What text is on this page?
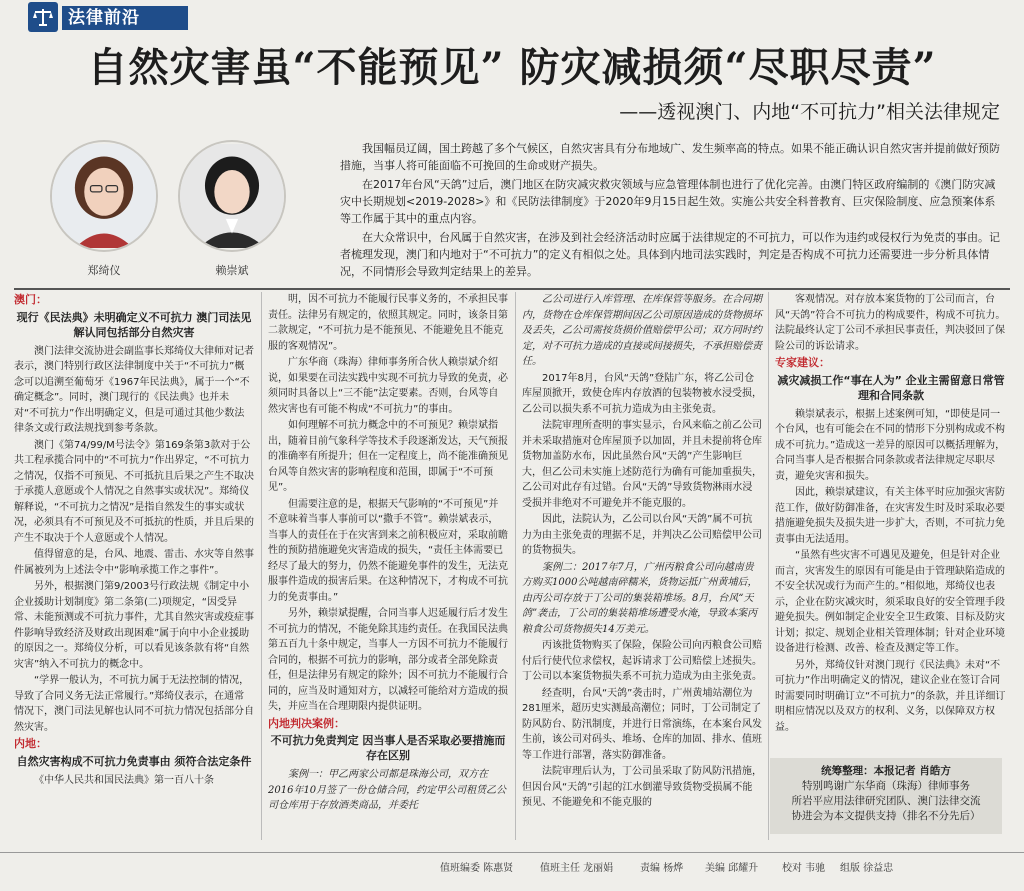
法律前沿
自然灾害虽“不能预见” 防灾减损须“尽职尽责”
——透视澳门、内地“不可抗力”相关法律规定
郑绮仪	赖崇斌

我国幅员辽阔，国土跨越了多个气候区，自然灾害具有分布地域广、发生频率高的特点。如果不能正确认识自然灾害并提前做好预防措施，当事人将可能面临不可挽回的生命或财产损失。

在2017年台风“天鸽”过后，澳门地区在防灾减灾救灾领域与应急管理体制也进行了优化完善。由澳门特区政府编制的《澳门防灾减灾中长期规划<2019-2028>》和《民防法律制度》于2020年9月15日起生效。实施公共安全科普教育、巨灾保险制度、应急预案体系等工作属于其中的重点内容。

在大众常识中，台风属于自然灾害，在涉及到社会经济活动时应属于法律规定的不可抗力，可以作为违约或侵权行为免责的事由。记者梳理发现，澳门和内地对于“不可抗力”的定义有相似之处。具体到内地司法实践时，判定是否构成不可抗力还需要进一步分析具体情况，不同情形会导致判定结果上的差异。

澳门：
现行《民法典》未明确定义不可抗力 澳门司法见解认同包括部分自然灾害

澳门法律交流协进会副监事长郑绮仪大律师对记者表示，澳门特别行政区法律制度中关于“不可抗力”概念可以追溯至葡萄牙《1967年民法典》，属于一个“不确定概念”。同时，澳门现行的《民法典》也并未对“不可抗力”作出明确定义，但是可通过其他少数法律条文或行政法规找到参考条款。

澳门《第74/99/M号法令》第169条第3款对于公共工程承揽合同中的“不可抗力”作出界定，“不可抗力之情况，仅指不可预见、不可抵抗且后果之产生不取决于承揽人意愿或个人情况之自然事实或状况”。郑绮仪解释说，“不可抗力之情况”是指自然发生的事实或状况，必须具有不可预见及不可抵抗的性质，并且后果的产生不取决于个人意愿或个人情况。

值得留意的是，台风、地震、雷击、水灾等自然事件属被列为上述法令中“影响承揽工作之事件”。

另外，根据澳门第9/2003号行政法规《制定中小企业援助计划制度》第二条第(二)项规定，“因受异常、未能预测或不可抗力事件，尤其自然灾害或疫症事件影响导致经济及财政出现困难”属于向中小企业援助的原因之一。郑绮仪分析，可以看见该条款有将“自然灾害”纳入不可抗力的概念中。

“学界一般认为，不可抗力属于无法控制的情况，导致了合同义务无法正常履行。”郑绮仪表示，在通常情况下，澳门司法见解也认同不可抗力情况包括部分自然灾害。

内地：
自然灾害构成不可抗力免责事由 须符合法定条件

《中华人民共和国民法典》第一百八十条

明，因不可抗力不能履行民事义务的，不承担民事责任。法律另有规定的，依照其规定。同时，该条目第二款规定，“不可抗力是不能预见、不能避免且不能克服的客观情况”。

广东华商（珠海）律师事务所合伙人赖崇斌介绍说，如果要在司法实践中实现不可抗力导致的免责，必须同时具备以上“三不能”法定要素。否则，台风等自然灾害也有可能不构成“不可抗力”的事由。

如何理解不可抗力概念中的不可预见？赖崇斌指出，随着目前气象科学等技术手段逐渐发达，天气预报的准确率有所提升；但在一定程度上，尚不能准确预见台风等自然灾害的影响程度和范围，即属于“不可预见”。

但需要注意的是，根据天气影响的“不可预见”并不意味着当事人事前可以“撒手不管”。赖崇斌表示，当事人的责任在于在灾害到来之前积极应对，采取前瞻性的预防措施避免灾害造成的损失，“责任主体需要已经尽了最大的努力，仍然不能避免事件的发生，无法克服事件造成的损害后果。在这种情况下，才构成不可抗力的免责事由。”

另外，赖崇斌提醒，合同当事人迟延履行后才发生不可抗力的情况，不能免除其违约责任。在我国民法典第五百九十条中规定，当事人一方因不可抗力不能履行合同的，根据不可抗力的影响，部分或者全部免除责任，但是法律另有规定的除外；因不可抗力不能履行合同的，应当及时通知对方，以减轻可能给对方造成的损失，并应当在合理期限内提供证明。

内地判决案例：
不可抗力免责判定 因当事人是否采取必要措施而存在区别

案例一：甲乙两家公司都是珠海公司，双方在2016年10月签了一份仓储合同，约定甲公司租赁乙公司仓库用于存放酒类商品，并委托

乙公司进行入库管理、在库保管等服务。在合同期内，货物在仓库保管期间因乙公司原因造成的货物损坏及丢失，乙公司需按货损价值赔偿甲公司；双方同时约定，对不可抗力造成的直接或间接损失，不承担赔偿责任。

2017年8月，台风“天鸽”登陆广东，将乙公司仓库屋顶掀开，致使仓库内存放酒的包装物被水浸受损，乙公司以损失系不可抗力造成为由主张免责。

法院审理所查明的事实显示，台风来临之前乙公司并未采取措施对仓库屋顶予以加固，并且未提前将仓库货物加盖防水布，因此虽然台风“天鸽”产生影响巨大，但乙公司未实施上述防范行为确有可能加重损失，乙公司对此存有过错。台风“天鸽”导致货物淋雨水浸受损并非绝对不可避免并不能克服的。

因此，法院认为，乙公司以台风“天鸽”属不可抗力为由主张免责的理据不足，并判决乙公司赔偿甲公司的货物损失。

案例二：2017年7月，广州丙粮食公司向越南贵方购买1000公吨越南碎糯米，货物运抵广州黄埔后，由丙公司存放于丁公司的集装箱堆场。8月，台风“天鸽”袭击，丁公司的集装箱堆场遭受水淹，导致本案丙粮食公司货物损失14万美元。

丙该批货物购买了保险，保险公司向丙粮食公司赔付后行使代位求偿权，起诉请求丁公司赔偿上述损失。丁公司以本案货物损失系不可抗力造成为由主张免责。

经查明，台风“天鸽”袭击时，广州黄埔站潮位为281厘米，超历史实测最高潮位；同时，丁公司制定了防风防台、防汛制度，并进行日常演练，在本案台风发生前，该公司对码头、堆场、仓库的加固、排水、值班等工作进行部署，落实防御准备。

法院审理后认为，丁公司虽采取了防风防汛措施，但因台风“天鸽”引起的江水倒灌导致货物受损属不能预见、不能避免和不能克服的

客观情况。对存放本案货物的丁公司而言，台风“天鸽”符合不可抗力的构成要件，构成不可抗力。法院最终认定丁公司不承担民事责任，判决驳回了保险公司的诉讼请求。

专家建议：
减灾减损工作“事在人为” 企业主需留意日常管理和合同条款

赖崇斌表示，根据上述案例可知，“即使是同一个台风，也有可能会在不同的情形下分别构成或不构成不可抗力。”造成这一差异的原因可以概括理解为，合同当事人是否根据合同条款或者法律规定尽职尽责，避免灾害和损失。

因此，赖崇斌建议，有关主体平时应加强灾害防范工作，做好防御准备，在灾害发生时及时采取必要措施避免损失及损失进一步扩大，否则，不可抗力免责事由无法适用。

“虽然有些灾害不可遇见及避免，但是针对企业而言，灾害发生的原因有可能是由于管理缺陷造成的不安全状况或行为而产生的。”相似地，郑绮仪也表示，企业在防灾减灾时，须采取良好的安全管理手段避免损失。例如制定企业安全卫生政策、目标及防灾计划；拟定、规划企业相关管理体制；针对企业环境设备进行检测、改善、检查及测定等工作。

另外，郑绮仪针对澳门现行《民法典》未对“不可抗力”作出明确定义的情况，建议企业在签订合同时需要同时明确订立“不可抗力”的条款，并且详细订明相应情况以及双方的权利、义务，以保障双方权益。

统筹整理：本报记者 肖皓方
特别鸣谢广东华商（珠海）律师事务
所岩平应用法律研究团队、澳门法律交流
协进会为本文提供支持（排名不分先后）
值班编委 陈惠贤	值班主任 龙丽娟	责编 杨烨 美编 邱耀升 校对 韦驰 组版 徐益忠
